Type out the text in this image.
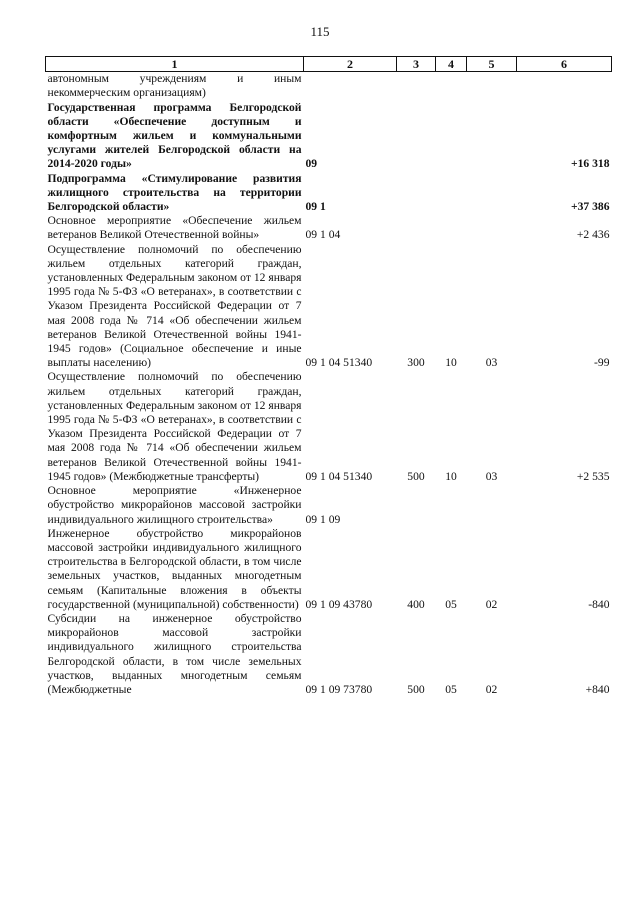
115
1	2	3	4	5	6
автономным учреждениям и иным некоммерческим организациям)					
Государственная программа Белгородской области «Обеспечение доступным и комфортным жильем и коммунальными услугами жителей Белгородской области на 2014-2020 годы»	09				+16 318
Подпрограмма «Стимулирование развития жилищного строительства на территории Белгородской области»	09 1				+37 386
Основное мероприятие «Обеспечение жильем ветеранов Великой Отечественной войны»	09 1 04				+2 436
Осуществление полномочий по обеспечению жильем отдельных категорий граждан, установленных Федеральным законом от 12 января 1995 года № 5-ФЗ «О ветеранах», в соответствии с Указом Президента Российской Федерации от 7 мая 2008 года № 714 «Об обеспечении жильем ветеранов Великой Отечественной войны 1941-1945 годов» (Социальное обеспечение и иные выплаты населению)	09 1 04 51340	300	10	03	-99
Осуществление полномочий по обеспечению жильем отдельных категорий граждан, установленных Федеральным законом от 12 января 1995 года № 5-ФЗ «О ветеранах», в соответствии с Указом Президента Российской Федерации от 7 мая 2008 года № 714 «Об обеспечении жильем ветеранов Великой Отечественной войны 1941-1945 годов» (Межбюджетные трансферты)	09 1 04 51340	500	10	03	+2 535
Основное мероприятие «Инженерное обустройство микрорайонов массовой застройки индивидуального жилищного строительства»	09 1 09				
Инженерное обустройство микрорайонов массовой застройки индивидуального жилищного строительства в Белгородской области, в том числе земельных участков, выданных многодетным семьям (Капитальные вложения в объекты государственной (муниципальной) собственности)	09 1 09 43780	400	05	02	-840
Субсидии на инженерное обустройство микрорайонов массовой застройки индивидуального жилищного строительства Белгородской области, в том числе земельных участков, выданных многодетным семьям (Межбюджетные	09 1 09 73780	500	05	02	+840
